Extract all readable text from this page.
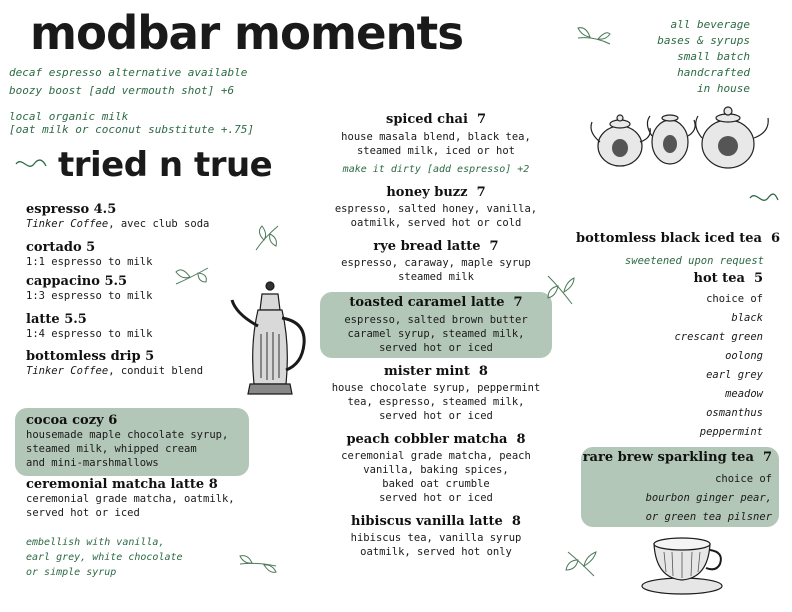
modbar moments
decaf espresso alternative available
boozy boost [add vermouth shot] +6
local organic milk
[oat milk or coconut substitute +.75]
all beverage
bases & syrups
small batch
handcrafted
in house
tried n true
espresso 4.5
Tinker Coffee, avec club soda
cortado 5
1:1 espresso to milk
cappacino 5.5
1:3 espresso to milk
latte 5.5
1:4 espresso to milk
bottomless drip 5
Tinker Coffee, conduit blend
cocoa cozy 6
housemade maple chocolate syrup,
steamed milk, whipped cream
and mini-marshmallows
ceremonial matcha latte 8
ceremonial grade matcha, oatmilk,
served hot or iced
embellish with vanilla,
earl grey, white chocolate
or simple syrup
spiced chai 7
house masala blend, black tea,
steamed milk, iced or hot
make it dirty [add espresso] +2
honey buzz 7
espresso, salted honey, vanilla,
oatmilk, served hot or cold
rye bread latte 7
espresso, caraway, maple syrup
steamed milk
toasted caramel latte 7
espresso, salted brown butter
caramel syrup, steamed milk,
served hot or iced
mister mint 8
house chocolate syrup, peppermint
tea, espresso, steamed milk,
served hot or iced
peach cobbler matcha 8
ceremonial grade matcha, peach
vanilla, baking spices,
baked oat crumble
served hot or iced
hibiscus vanilla latte 8
hibiscus tea, vanilla syrup
oatmilk, served hot only
bottomless black iced tea 6
sweetened upon request
hot tea 5
choice of
black
crescant green
oolong
earl grey
meadow
osmanthus
peppermint
rare brew sparkling tea 7
choice of
bourbon ginger pear,
or green tea pilsner
